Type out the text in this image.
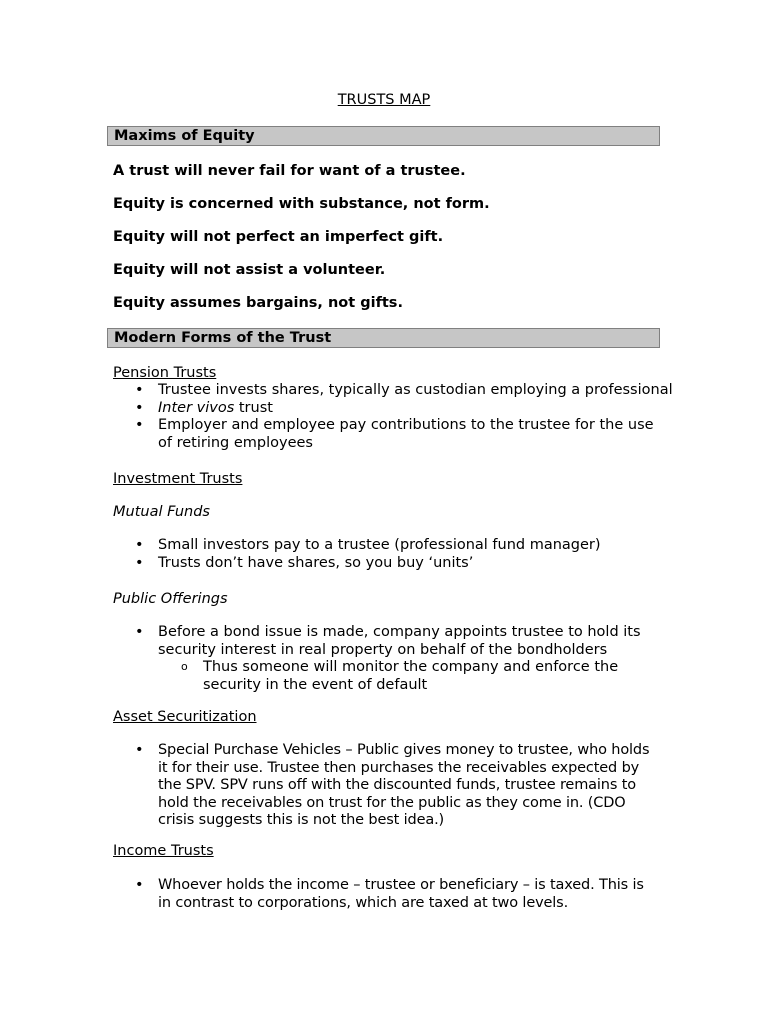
TRUSTS MAP
Maxims of Equity
A trust will never fail for want of a trustee.
Equity is concerned with substance, not form.
Equity will not perfect an imperfect gift.
Equity will not assist a volunteer.
Equity assumes bargains, not gifts.
Modern Forms of the Trust
Pension Trusts
• Trustee invests shares, typically as custodian employing a professional
• Inter vivos trust
• Employer and employee pay contributions to the trustee for the use of retiring employees
Investment Trusts
Mutual Funds
• Small investors pay to a trustee (professional fund manager)
• Trusts don’t have shares, so you buy ‘units’
Public Offerings
• Before a bond issue is made, company appoints trustee to hold its security interest in real property on behalf of the bondholders
o Thus someone will monitor the company and enforce the security in the event of default
Asset Securitization
• Special Purchase Vehicles – Public gives money to trustee, who holds it for their use. Trustee then purchases the receivables expected by the SPV. SPV runs off with the discounted funds, trustee remains to hold the receivables on trust for the public as they come in. (CDO crisis suggests this is not the best idea.)
Income Trusts
• Whoever holds the income – trustee or beneficiary – is taxed. This is in contrast to corporations, which are taxed at two levels.
